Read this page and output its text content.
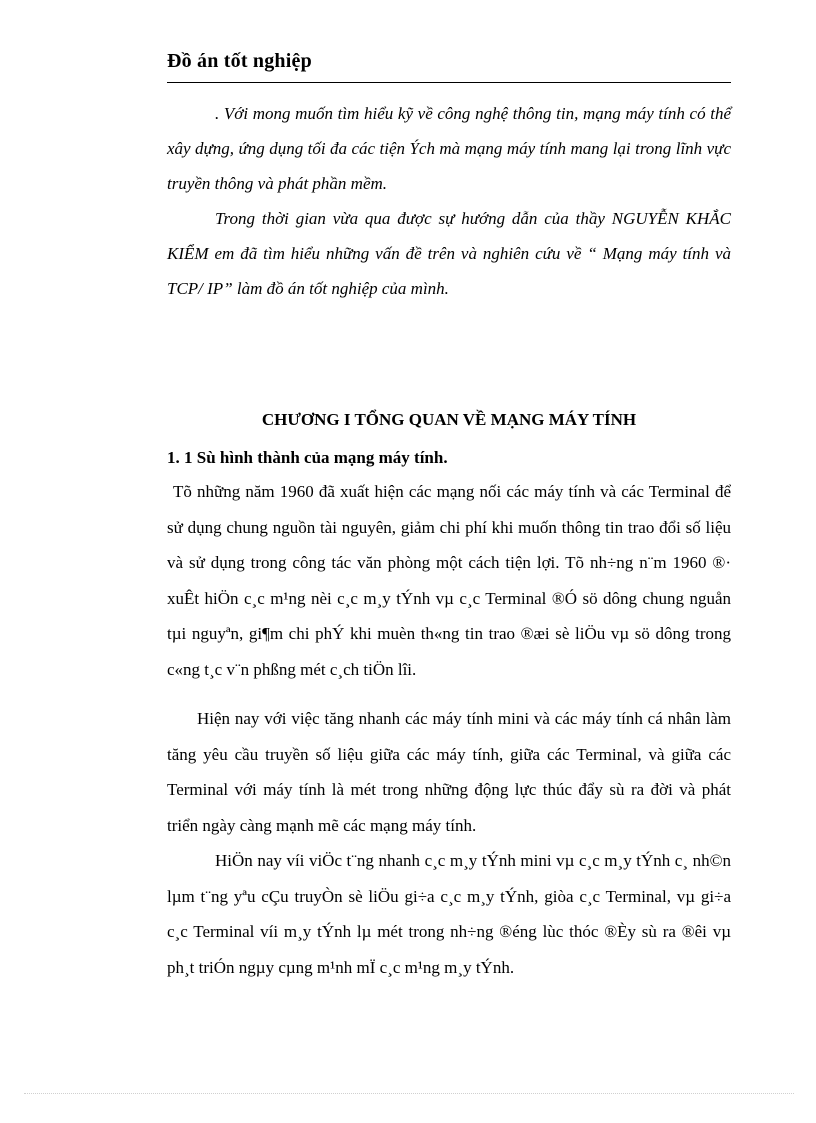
Đồ án tốt nghiệp

. Với mong muốn tìm hiểu kỹ về công nghệ thông tin, mạng máy tính có thể xây dựng, ứng dụng tối đa các tiện Ých mà mạng máy tính mang lại trong lĩnh vực truyền thông và phát phần mềm.

Trong thời gian vừa qua được sự hướng dẫn của thầy NGUYỄN KHẮC KIỂM em đã tìm hiểu những vấn đề trên và nghiên cứu về “ Mạng máy tính và TCP/ IP” làm đồ án tốt nghiệp của mình.

CHƯƠNG I TỔNG QUAN VỀ MẠNG MÁY TÍNH
1. 1 Sù hình thành của mạng máy tính.

Tõ những năm 1960 đã xuất hiện các mạng nối các máy tính và các Terminal để sử dụng chung nguồn tài nguyên, giảm chi phí khi muốn thông tin trao đổi số liệu và sử dụng trong công tác văn phòng một cách tiện lợi. Tõ nh÷ng n¨m 1960 ®· xuÊt hiÖn c¸c m¹ng nèi c¸c m¸y tÝnh vµ c¸c Terminal ®Ó sö dông chung nguån tµi nguyªn, gi¶m chi phÝ khi muèn th«ng tin trao ®æi sè liÖu vµ sö dông trong c«ng t¸c v¨n phßng mét c¸ch tiÖn lîi.

Hiện nay với việc tăng nhanh các máy tính mini và các máy tính cá nhân làm tăng yêu cầu truyền số liệu giữa các máy tính, giữa các Terminal, và giữa các Terminal với máy tính là mét trong những động lực thúc đẩy sù ra đời và phát triển ngày càng mạnh mẽ các mạng máy tính.

HiÖn nay víi viÖc t¨ng nhanh c¸c m¸y tÝnh mini vµ c¸c m¸y tÝnh c¸ nh©n lµm t¨ng yªu cÇu truyÒn sè liÖu gi÷a c¸c m¸y tÝnh, giòa c¸c Terminal, vµ gi÷a c¸c Terminal víi m¸y tÝnh lµ mét trong nh÷ng ®éng lùc thóc ®Èy sù ra ®êi vµ ph¸t triÓn ngµy cµng m¹nh mÏ c¸c m¹ng m¸y tÝnh.
